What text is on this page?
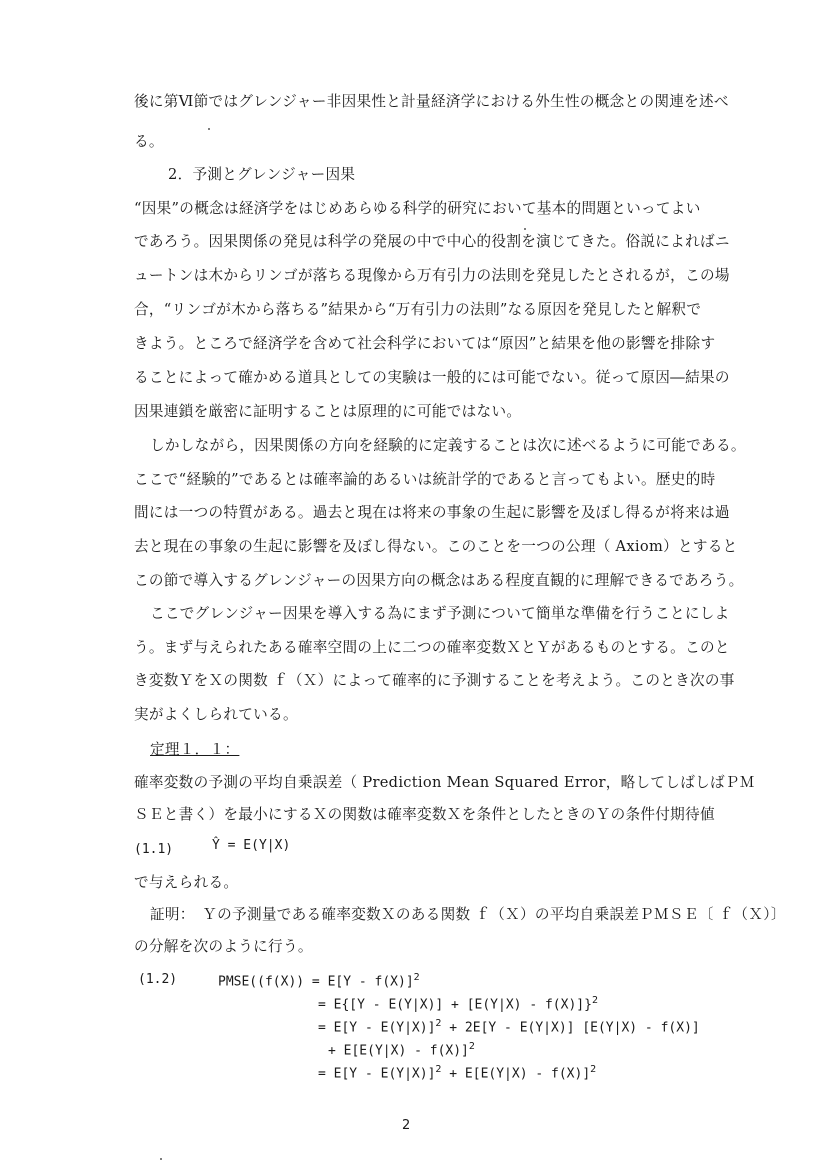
後に第Ⅵ節ではグレンジャー非因果性と計量経済学における外生性の概念との関連を述べ
る。
2．予測とグレンジャー因果
“因果”の概念は経済学をはじめあらゆる科学的研究において基本的問題といってよい
であろう。因果関係の発見は科学の発展の中で中心的役割を演じてきた。俗説によればニ
ュートンは木からリンゴが落ちる現像から万有引力の法則を発見したとされるが，この場
合，“リンゴが木から落ちる”結果から“万有引力の法則”なる原因を発見したと解釈で
きよう。ところで経済学を含めて社会科学においては“原因”と結果を他の影響を排除す
ることによって確かめる道具としての実験は一般的には可能でない。従って原因―結果の
因果連鎖を厳密に証明することは原理的に可能ではない。
しかしながら，因果関係の方向を経験的に定義することは次に述べるように可能である。
ここで“経験的”であるとは確率論的あるいは統計学的であると言ってもよい。歴史的時
間には一つの特質がある。過去と現在は将来の事象の生起に影響を及ぼし得るが将来は過
去と現在の事象の生起に影響を及ぼし得ない。このことを一つの公理（ Axiom）とすると
この節で導入するグレンジャーの因果方向の概念はある程度直観的に理解できるであろう。
ここでグレンジャー因果を導入する為にまず予測について簡単な準備を行うことにしよ
う。まず与えられたある確率空間の上に二つの確率変数ＸとＹがあるものとする。このと
き変数ＹをＸの関数 ｆ（Ｘ）によって確率的に予測することを考えよう。このとき次の事
実がよくしられている。
定理１．１：
確率変数の予測の平均自乗誤差（ Prediction Mean Squared Error，略してしばしばＰＭ
ＳＥと書く）を最小にするＸの関数は確率変数Ｘを条件としたときのＹの条件付期待値
(1.1)	Ŷ = E(Y|X)
で与えられる。
証明：　Ｙの予測量である確率変数Ｘのある関数 ｆ（Ｘ）の平均自乗誤差ＰＭＳＥ〔 ｆ（Ｘ）〕
の分解を次のように行う。
(1.2)	PMSE((f(X)) = E[Y - f(X)]$^2$
= $E\{[Y - E(Y|X)] + [E(Y|X) - f(X)]\}^2$
= E[Y - E(Y|X)]$^2$ + 2E[Y - E(Y|X)] [E(Y|X) - f(X)]
+ E[E(Y|X) - f(X)]$^2$
= E[Y - E(Y|X)]$^2$ + E[E(Y|X) - f(X)]$^2$
2
